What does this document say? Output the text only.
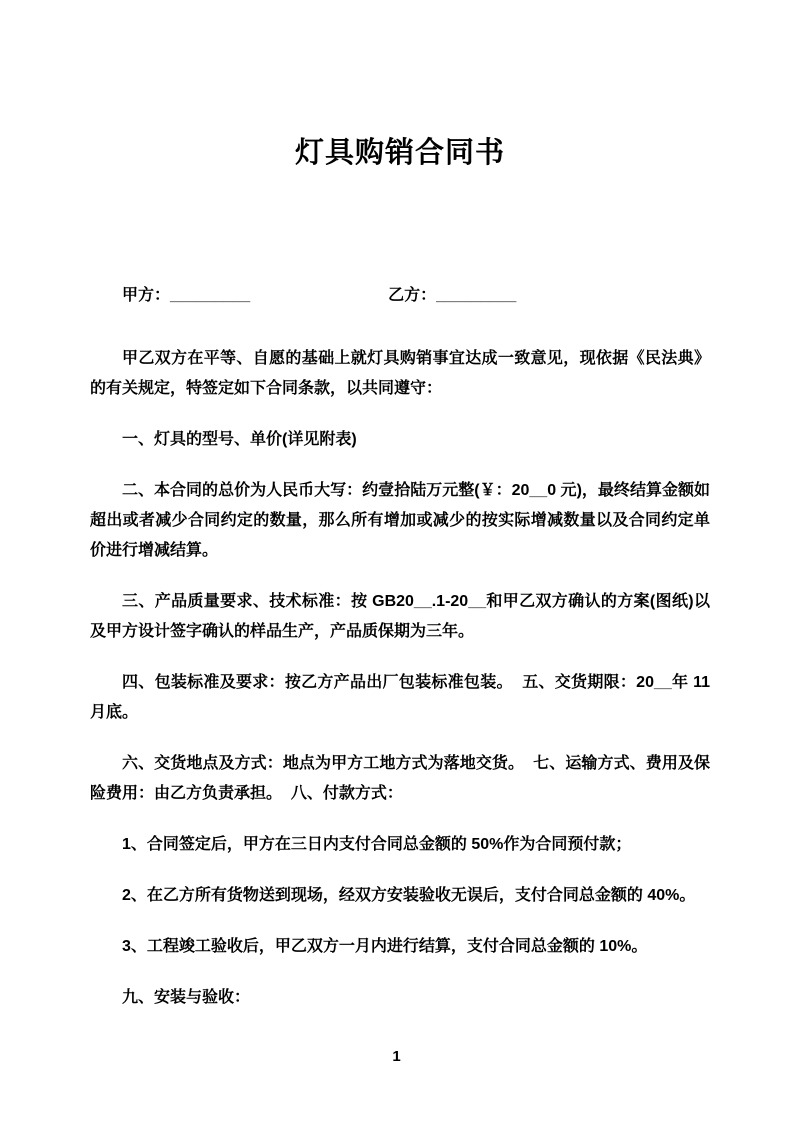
灯具购销合同书

甲方：_________	乙方：_________

甲乙双方在平等、自愿的基础上就灯具购销事宜达成一致意见，现依据《民法典》的有关规定，特签定如下合同条款，以共同遵守：

一、灯具的型号、单价(详见附表)

二、本合同的总价为人民币大写：约壹拾陆万元整(￥：20__0 元)，最终结算金额如超出或者减少合同约定的数量，那么所有增加或减少的按实际增减数量以及合同约定单价进行增减结算。

三、产品质量要求、技术标准：按 GB20__.1-20__和甲乙双方确认的方案(图纸)以及甲方设计签字确认的样品生产，产品质保期为三年。

四、包装标准及要求：按乙方产品出厂包装标准包装。  五、交货期限：20__年 11 月底。

六、交货地点及方式：地点为甲方工地方式为落地交货。  七、运输方式、费用及保险费用：由乙方负责承担。  八、付款方式：

1、合同签定后，甲方在三日内支付合同总金额的 50%作为合同预付款；

2、在乙方所有货物送到现场，经双方安装验收无误后，支付合同总金额的 40%。

3、工程竣工验收后，甲乙双方一月内进行结算，支付合同总金额的 10%。

九、安装与验收：

1
